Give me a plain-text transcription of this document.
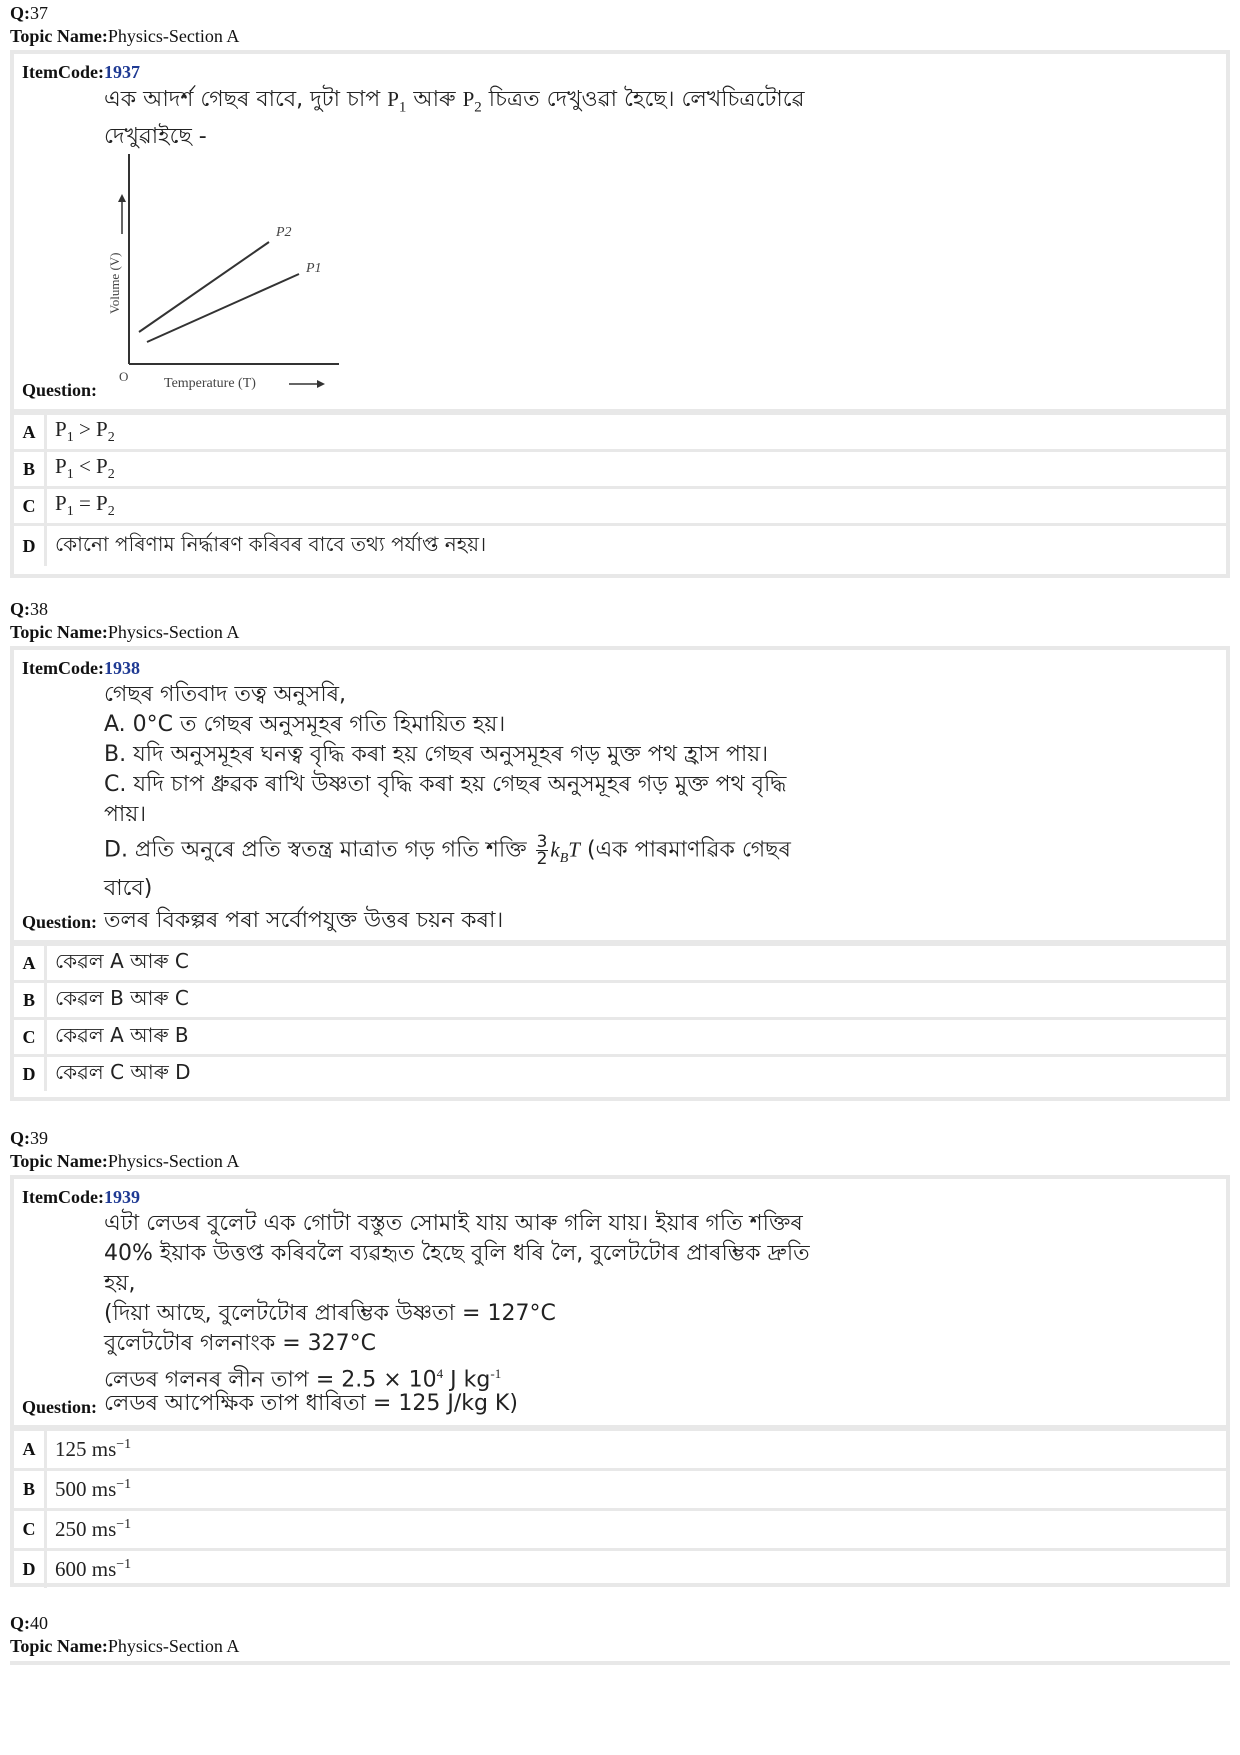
Q:37
Topic Name:Physics-Section A
ItemCode:1937
এক আদৰ্শ গেছৰ বাবে, দুটা চাপ $P_1$ আৰু $P_2$ চিত্ৰত দেখুওৱা হৈছে। লেখচিত্ৰটোৱে
দেখুৱাইছে -
P2
P1
O
Volume (V)
Temperature (T)
Question:
A $P_1 > P_2$
B $P_1 < P_2$
C $P_1 = P_2$
D কোনো পৰিণাম নিৰ্দ্ধাৰণ কৰিবৰ বাবে তথ্য পৰ্যাপ্ত নহয়।
Q:38
Topic Name:Physics-Section A
ItemCode:1938
গেছৰ গতিবাদ তত্ব অনুসৰি,
A. 0°C ত গেছৰ অনুসমূহৰ গতি হিমায়িত হয়।
B. যদি অনুসমূহৰ ঘনত্ব বৃদ্ধি কৰা হয় গেছৰ অনুসমূহৰ গড় মুক্ত পথ হ্ৰাস পায়।
C. যদি চাপ ধ্ৰুৱক ৰাখি উষ্ণতা বৃদ্ধি কৰা হয় গেছৰ অনুসমূহৰ গড় মুক্ত পথ বৃদ্ধি
পায়।
D. প্ৰতি অনুৰে প্ৰতি স্বতন্ত্ৰ মাত্ৰাত গড় গতি শক্তি $\frac{3}{2} k_BT$ (এক পাৰমাণৱিক গেছৰ
বাবে)
Question: তলৰ বিকল্পৰ পৰা সৰ্বোপযুক্ত উত্তৰ চয়ন কৰা।
A কেৱল A আৰু C
B	কেৱল B আৰু C
C কেৱল A আৰু B
D কেৱল C আৰু D
Q:39
Topic Name:Physics-Section A
ItemCode:1939
এটা লেডৰ বুলেট এক গোটা বস্তুত সোমাই যায় আৰু গলি যায়। ইয়াৰ গতি শক্তিৰ
40% ইয়াক উত্তপ্ত কৰিবলৈ ব্যৱহৃত হৈছে বুলি ধৰি লৈ, বুলেটটোৰ প্ৰাৰম্ভিক দ্ৰুতি
হয়,
(দিয়া আছে, বুলেটটোৰ প্ৰাৰম্ভিক উষ্ণতা = 127°C
বুলেটটোৰ গলনাংক = 327°C
লেডৰ গলনৰ লীন তাপ = $2.5 \times 10^4$ J $kg^{-1}$
Question: লেডৰ আপেক্ষিক তাপ ধাৰিতা = 125 J/kg K)
A 125 $ms^{-1}$
B 500 $ms^{-1}$
C 250 $ms^{-1}$
D 600 $ms^{-1}$
Q:40
Topic Name:Physics-Section A
